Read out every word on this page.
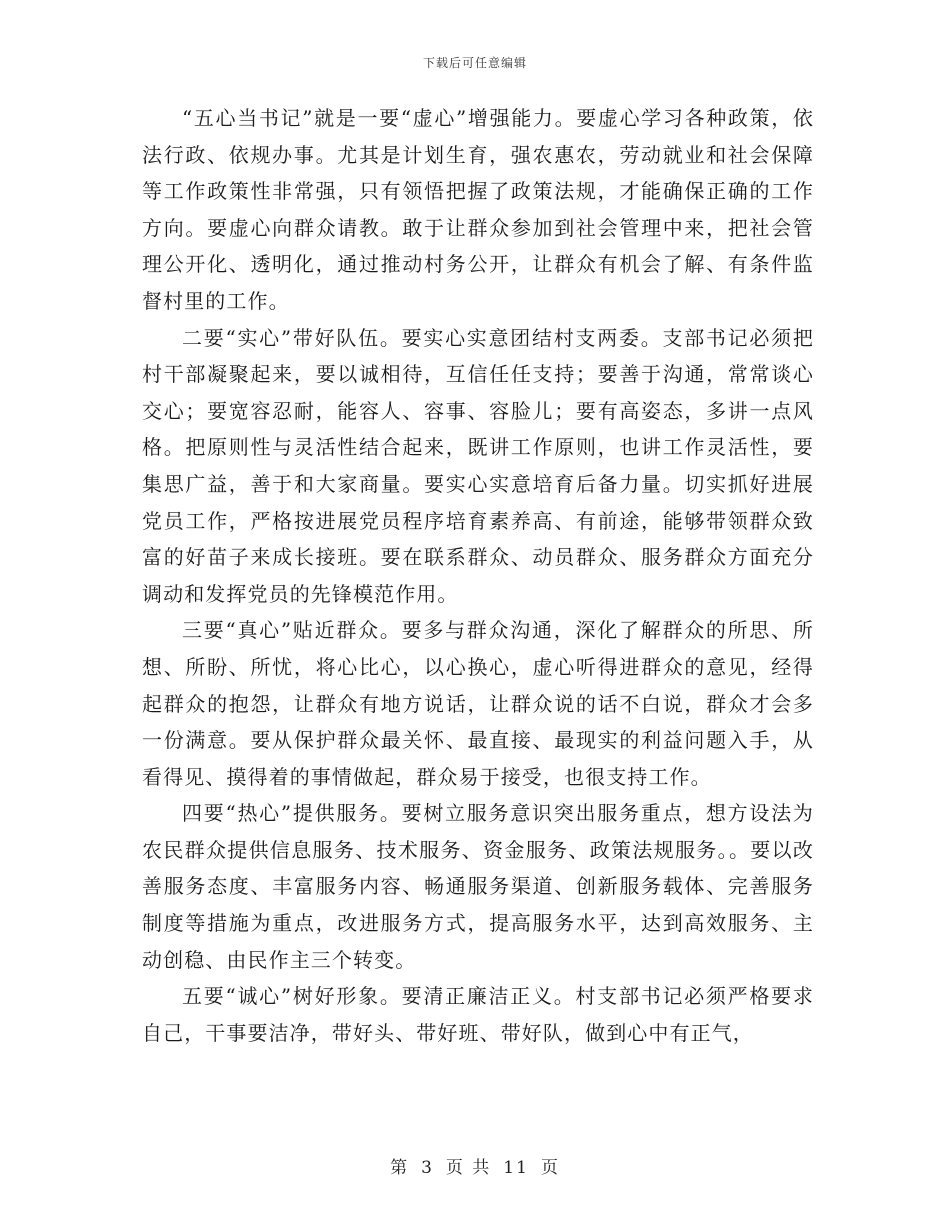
下载后可任意编辑

“五心当书记”就是一要“虚心”增强能力。要虚心学习各种政策，依法行政、依规办事。尤其是计划生育，强农惠农，劳动就业和社会保障等工作政策性非常强，只有领悟把握了政策法规，才能确保正确的工作方向。要虚心向群众请教。敢于让群众参加到社会管理中来，把社会管理公开化、透明化，通过推动村务公开，让群众有机会了解、有条件监督村里的工作。

二要“实心”带好队伍。要实心实意团结村支两委。支部书记必须把村干部凝聚起来，要以诚相待，互信任任支持；要善于沟通，常常谈心交心；要宽容忍耐，能容人、容事、容脸儿；要有高姿态，多讲一点风格。把原则性与灵活性结合起来，既讲工作原则，也讲工作灵活性，要集思广益，善于和大家商量。要实心实意培育后备力量。切实抓好进展党员工作，严格按进展党员程序培育素养高、有前途，能够带领群众致富的好苗子来成长接班。要在联系群众、动员群众、服务群众方面充分调动和发挥党员的先锋模范作用。

三要“真心”贴近群众。要多与群众沟通，深化了解群众的所思、所想、所盼、所忧，将心比心，以心换心，虚心听得进群众的意见，经得起群众的抱怨，让群众有地方说话，让群众说的话不白说，群众才会多一份满意。要从保护群众最关怀、最直接、最现实的利益问题入手，从看得见、摸得着的事情做起，群众易于接受，也很支持工作。

四要“热心”提供服务。要树立服务意识突出服务重点，想方设法为农民群众提供信息服务、技术服务、资金服务、政策法规服务。。要以改善服务态度、丰富服务内容、畅通服务渠道、创新服务载体、完善服务制度等措施为重点，改进服务方式，提高服务水平，达到高效服务、主动创稳、由民作主三个转变。

五要“诚心”树好形象。要清正廉洁正义。村支部书记必须严格要求自己，干事要洁净，带好头、带好班、带好队，做到心中有正气，

第 3 页 共 11 页
